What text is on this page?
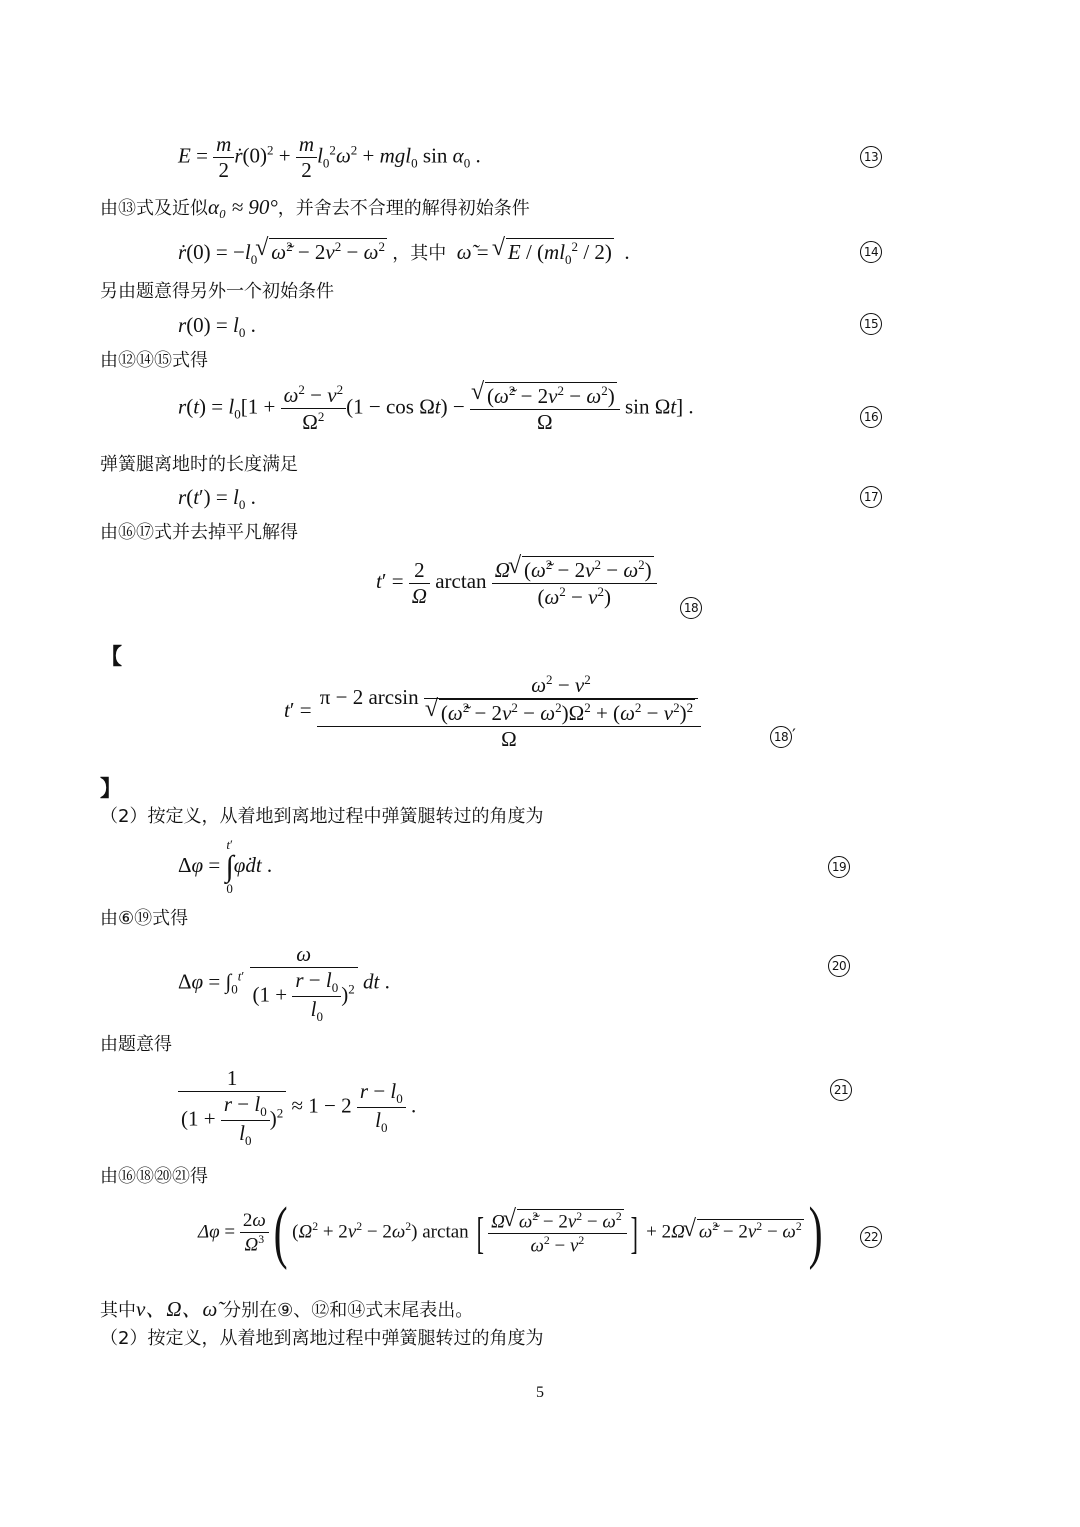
$E = \frac{m}{2}$ $ṙ(0)^2 + \frac{m}{2} l_0^2\omega^2 + mgl_0$ $\sin \alpha_0$ .	13
由⑬式及近似α₀ ≈ 90°，并舍去不合理的解得初始条件
ṙ(0) = $-l_0$ √ ω̃$^2$ − $2\nu^2 - \omega^2$ ，其中 ω̃ = √ E / $(ml_0^2 / 2)$  .	14
另由题意得另外一个初始条件
$r(0) = l_0$ .	15
由⑫⑭⑮式得
$r(t) = l_0[1 + \frac{\omega^2 - \nu^2}{\Omega^2} (1 - \cos \Omega t)$ − √ $\frac{(\omegã^2 - 2\nu^2 - \omega^2)}{\Omega}$ sin Ωt] .	16
弹簧腿离地时的长度满足
$r(t') = l_0$ .	17
由⑯⑰式并去掉平凡解得
$t' = \frac{2}{\Omega}$ $\arctan \frac{\Omega √ (\omegã^2 - 2\nu^2 - \omega^2)}{(\omega^2 - \nu^2)}$	18
【
t′ = π − 2 $\arcsin \omega^2 - \nu^2$
√ (ω̃$^2$ − $2\nu^2 - \omega^2)\Omega^2 + (\omega^2 - \nu^2)^2$
Ω	18 ′
】
（2）按定义，从着地到离地过程中弹簧腿转过的角度为
Δφ = t′
∫
0φ̇dt .	19
由⑥⑲式得
$\Delta\varphi = \int_0^{t'} \frac{\omega}{(1 + \frac{r - l_0}{l_0} )^2}$ dt .
20
由题意得
$\frac{1}{(1 + \frac{r - l_0}{l_0} )^2} \approx 1 - 2 \frac{r - l_0}{l_0}$ .
21
由⑯⑱⑳㉑得
$\Delta\varphi = \frac{2\omega}{\Omega^3}$ ( $(\Omega^2 + 2\nu^2 - 2\omega^2)$ arctan [ $\frac{\Omega √ \omegã^2 - 2\nu^2 - \omega^2}{\omega^2 - \nu^2}$ ] + 2Ω √ ω̃$^2$ − $2\nu^2 - \omega^2$)	22
其中ν、Ω、ω̃ 分别在⑨、⑫和⑭式末尾表出。
（2）按定义，从着地到离地过程中弹簧腿转过的角度为
5
